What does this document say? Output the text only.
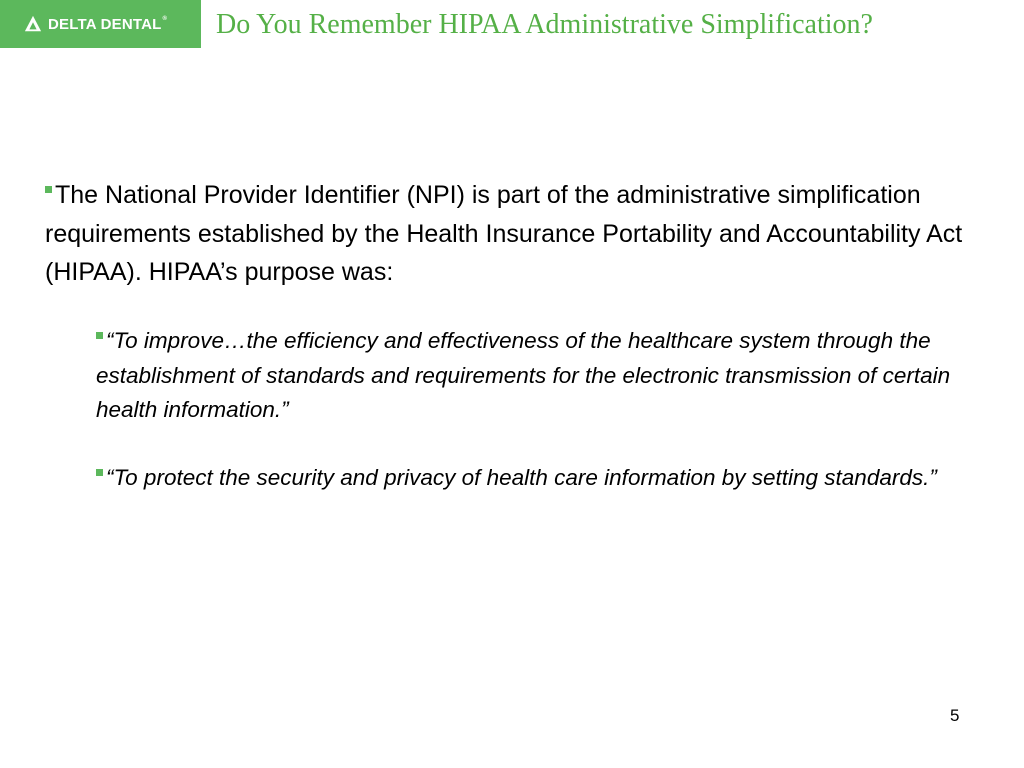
DELTA DENTAL® Do You Remember HIPAA Administrative Simplification?
The National Provider Identifier (NPI) is part of the administrative simplification requirements established by the Health Insurance Portability and Accountability Act (HIPAA). HIPAA’s purpose was:
“To improve…the efficiency and effectiveness of the healthcare system through the establishment of standards and requirements for the electronic transmission of certain health information.”
“To protect the security and privacy of health care information by setting standards.”
5
